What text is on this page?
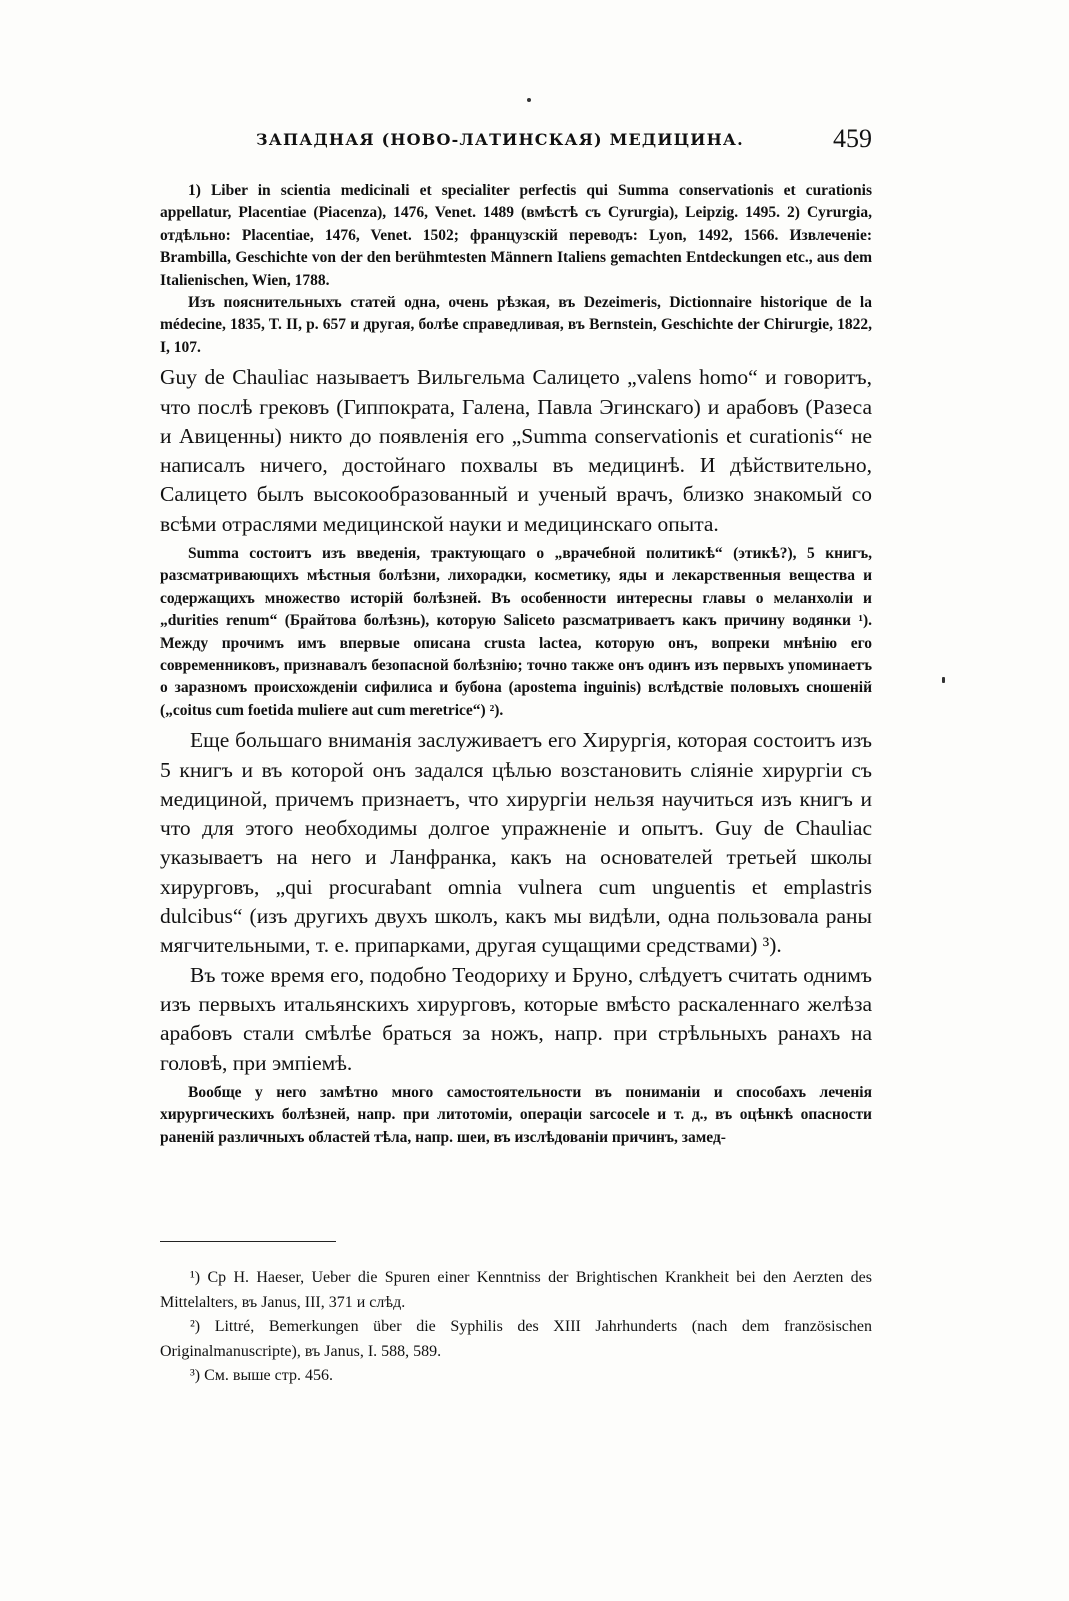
ЗАПАДНАЯ (НОВО-ЛАТИНСКАЯ) МЕДИЦИНА.	459

1) Liber in scientia medicinali et specialiter perfectis qui Summa conservationis et curationis appellatur, Placentiae (Piacenza), 1476, Venet. 1489 (вмѣстѣ съ Cyrurgia), Leipzig. 1495. 2) Cyrurgia, отдѣльно: Placentiae, 1476, Venet. 1502; французскій переводъ: Lyon, 1492, 1566. Извлеченіе: Brambilla, Geschichte von der den berühmtesten Männern Italiens gemachten Entdeckungen etc., aus dem Italienischen, Wien, 1788.

Изъ пояснительныхъ статей одна, очень рѣзкая, въ Dezeimeris, Dictionnaire historique de la médecine, 1835, T. II, p. 657 и другая, болѣе справедливая, въ Bernstein, Geschichte der Chirurgie, 1822, I, 107.

Guy de Chauliac называетъ Вильгельма Салицето „valens homo“ и говоритъ, что послѣ грековъ (Гиппократа, Галена, Павла Эгинскаго) и арабовъ (Разеса и Авиценны) никто до появленія его „Summa conservationis et curationis“ не написалъ ничего, достойнаго похвалы въ медицинѣ. И дѣйствительно, Салицето былъ высокообразованный и ученый врачъ, близко знакомый со всѣми отраслями медицинской науки и медицинскаго опыта.

Summa состоитъ изъ введенія, трактующаго о „врачебной политикѣ“ (этикѣ?), 5 книгъ, разсматривающихъ мѣстныя болѣзни, лихорадки, косметику, яды и лекарственныя вещества и содержащихъ множество исторій болѣзней. Въ особенности интересны главы о меланхоліи и „durities renum“ (Брайтова болѣзнь), которую Saliceto разсматриваетъ какъ причину водянки ¹). Между прочимъ имъ впервые описана crusta lactea, которую онъ, вопреки мнѣнію его современниковъ, признавалъ безопасной болѣзнію; точно также онъ одинъ изъ первыхъ упоминаетъ о заразномъ происхожденіи сифилиса и бубона (apostema inguinis) вслѣдствіе половыхъ сношеній („coitus cum foetida muliere aut cum meretrice“) ²).

Еще большаго вниманія заслуживаетъ его Хирургія, которая состоитъ изъ 5 книгъ и въ которой онъ задался цѣлью возстановить сліяніе хирургіи съ медициной, причемъ признаетъ, что хирургіи нельзя научиться изъ книгъ и что для этого необходимы долгое упражненіе и опытъ. Guy de Chauliac указываетъ на него и Ланфранка, какъ на основателей третьей школы хирурговъ, „qui procurabant omnia vulnera cum unguentis et emplastris dulcibus“ (изъ другихъ двухъ школъ, какъ мы видѣли, одна пользовала раны мягчительными, т. е. припарками, другая сущащими средствами) ³).

Въ тоже время его, подобно Теодориху и Бруно, слѣдуетъ считать однимъ изъ первыхъ итальянскихъ хирурговъ, которые вмѣсто раскаленнаго желѣза арабовъ стали смѣлѣе браться за ножъ, напр. при стрѣльныхъ ранахъ на головѣ, при эмпіемѣ.

Вообще у него замѣтно много самостоятельности въ пониманіи и способахъ леченія хирургическихъ болѣзней, напр. при литотоміи, операціи sarcocele и т. д., въ оцѣнкѣ опасности раненій различныхъ областей тѣла, напр. шеи, въ изслѣдованіи причинъ, замед-

¹) Ср H. Haeser, Ueber die Spuren einer Kenntniss der Brightischen Krankheit bei den Aerzten des Mittelalters, въ Janus, III, 371 и слѣд.

²) Littré, Bemerkungen über die Syphilis des XIII Jahrhunderts (nach dem französischen Originalmanuscripte), въ Janus, I. 588, 589.

³) См. выше стр. 456.
